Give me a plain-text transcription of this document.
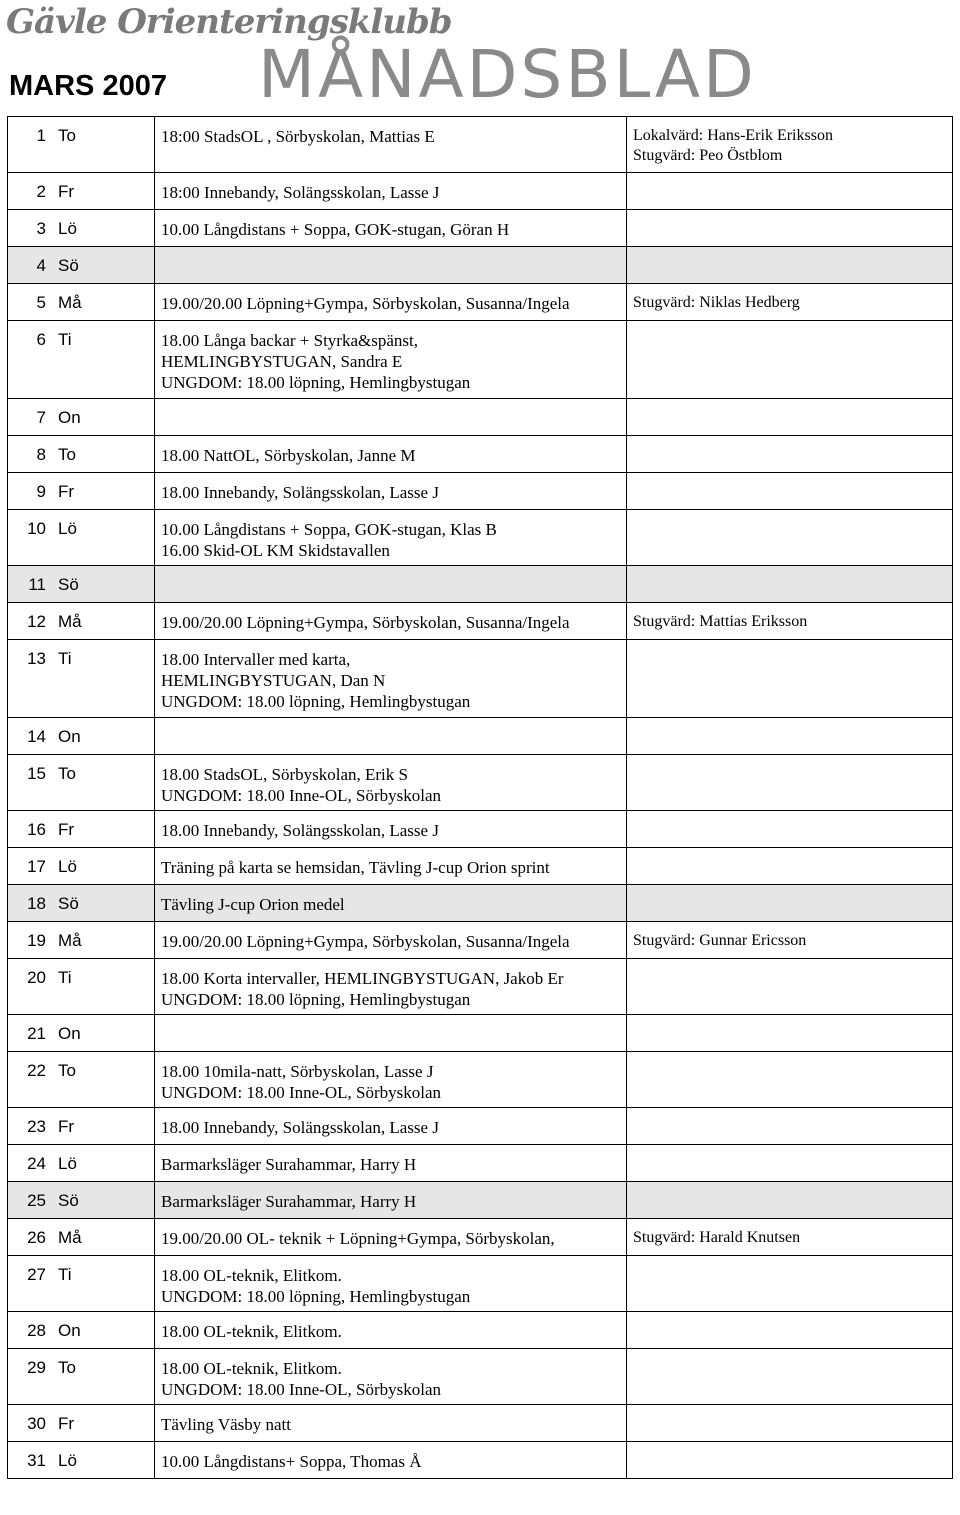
Gävle Orienteringsklubb
MÅNADSBLAD
MARS 2007
1	To	18:00 StadsOL , Sörbyskolan, Mattias E	Lokalvärd: Hans-Erik Eriksson
Stugvärd: Peo Östblom

2	Fr	18:00 Innebandy, Solängsskolan, Lasse J	

3	Lö	10.00 Långdistans + Soppa, GOK-stugan, Göran H	

4	Sö		
5	Må	19.00/20.00 Löpning+Gympa, Sörbyskolan, Susanna/Ingela	Stugvärd: Niklas Hedberg

6	Ti	18.00 Långa backar + Styrka&spänst,
HEMLINGBYSTUGAN, Sandra E
UNGDOM: 18.00 löpning, Hemlingbystugan	

7	On		
8	To	18.00 NattOL, Sörbyskolan, Janne M	

9	Fr	18.00 Innebandy, Solängsskolan, Lasse J	

10	Lö	10.00 Långdistans + Soppa, GOK-stugan, Klas B
16.00 Skid-OL KM Skidstavallen	

11	Sö		
12	Må	19.00/20.00 Löpning+Gympa, Sörbyskolan, Susanna/Ingela	Stugvärd: Mattias Eriksson

13	Ti	18.00 Intervaller med karta,
HEMLINGBYSTUGAN, Dan N
UNGDOM: 18.00 löpning, Hemlingbystugan	

14	On		
15	To	18.00 StadsOL, Sörbyskolan, Erik S
UNGDOM: 18.00 Inne-OL, Sörbyskolan	

16	Fr	18.00 Innebandy, Solängsskolan, Lasse J	

17	Lö	Träning på karta se hemsidan, Tävling J-cup Orion sprint	

18	Sö	Tävling J-cup Orion medel	

19	Må	19.00/20.00 Löpning+Gympa, Sörbyskolan, Susanna/Ingela	Stugvärd: Gunnar Ericsson

20	Ti	18.00 Korta intervaller, HEMLINGBYSTUGAN, Jakob Er
UNGDOM: 18.00 löpning, Hemlingbystugan	

21	On		
22	To	18.00 10mila-natt, Sörbyskolan, Lasse J
UNGDOM: 18.00 Inne-OL, Sörbyskolan	

23	Fr	18.00 Innebandy, Solängsskolan, Lasse J	

24	Lö	Barmarksläger Surahammar, Harry H	

25	Sö	Barmarksläger Surahammar, Harry H	

26	Må	19.00/20.00 OL- teknik + Löpning+Gympa, Sörbyskolan,	Stugvärd: Harald Knutsen

27	Ti	18.00 OL-teknik, Elitkom.
UNGDOM: 18.00 löpning, Hemlingbystugan	

28	On	18.00 OL-teknik, Elitkom.	

29	To	18.00 OL-teknik, Elitkom.
UNGDOM: 18.00 Inne-OL, Sörbyskolan	

30	Fr	Tävling Väsby natt	

31	Lö	10.00 Långdistans+ Soppa, Thomas Å	
